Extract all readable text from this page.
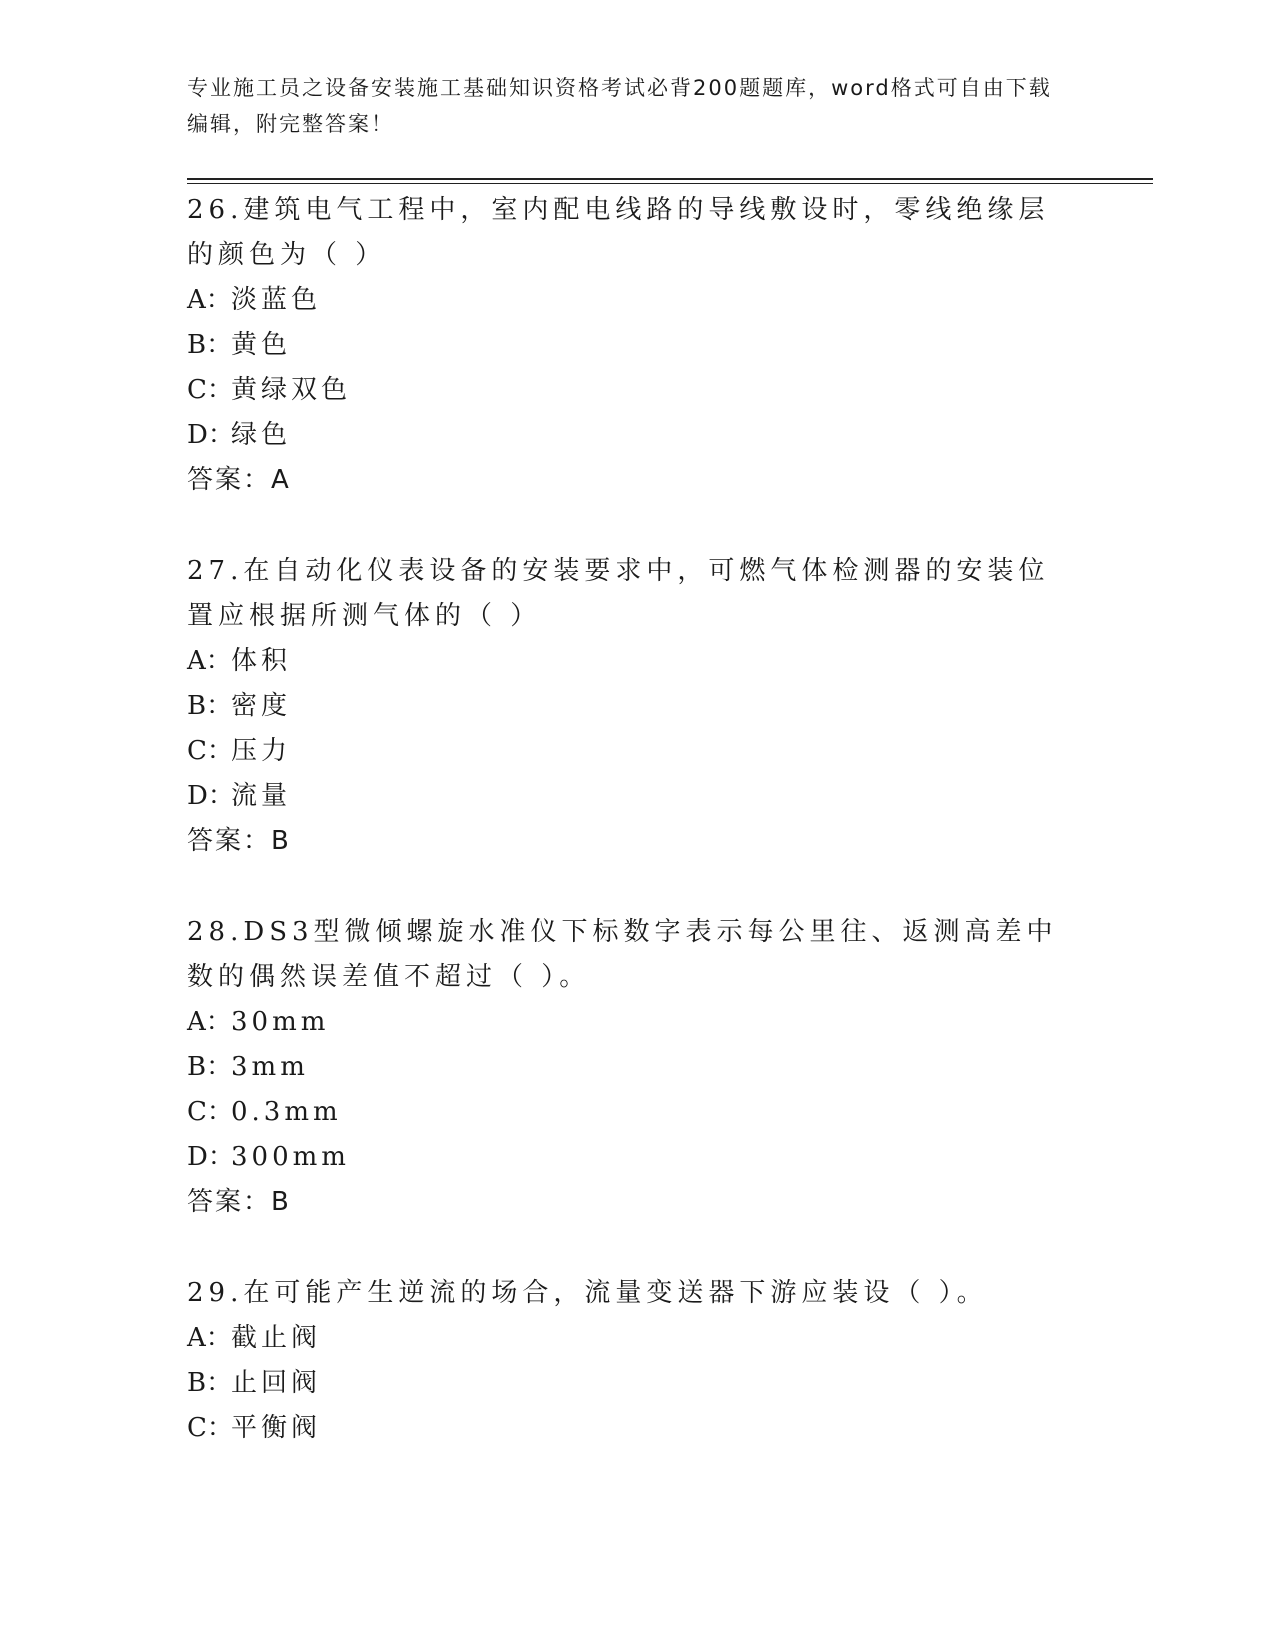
专业施工员之设备安装施工基础知识资格考试必背200题题库，word格式可自由下载编辑，附完整答案！
26.建筑电气工程中，室内配电线路的导线敷设时，零线绝缘层的颜色为（ ）
A：淡蓝色
B：黄色
C：黄绿双色
D：绿色
答案：A
27.在自动化仪表设备的安装要求中，可燃气体检测器的安装位置应根据所测气体的（ ）
A：体积
B：密度
C：压力
D：流量
答案：B
28.DS3型微倾螺旋水准仪下标数字表示每公里往、返测高差中数的偶然误差值不超过（ ）。
A：30mm
B：3mm
C：0.3mm
D：300mm
答案：B
29.在可能产生逆流的场合，流量变送器下游应装设（ ）。
A：截止阀
B：止回阀
C：平衡阀
